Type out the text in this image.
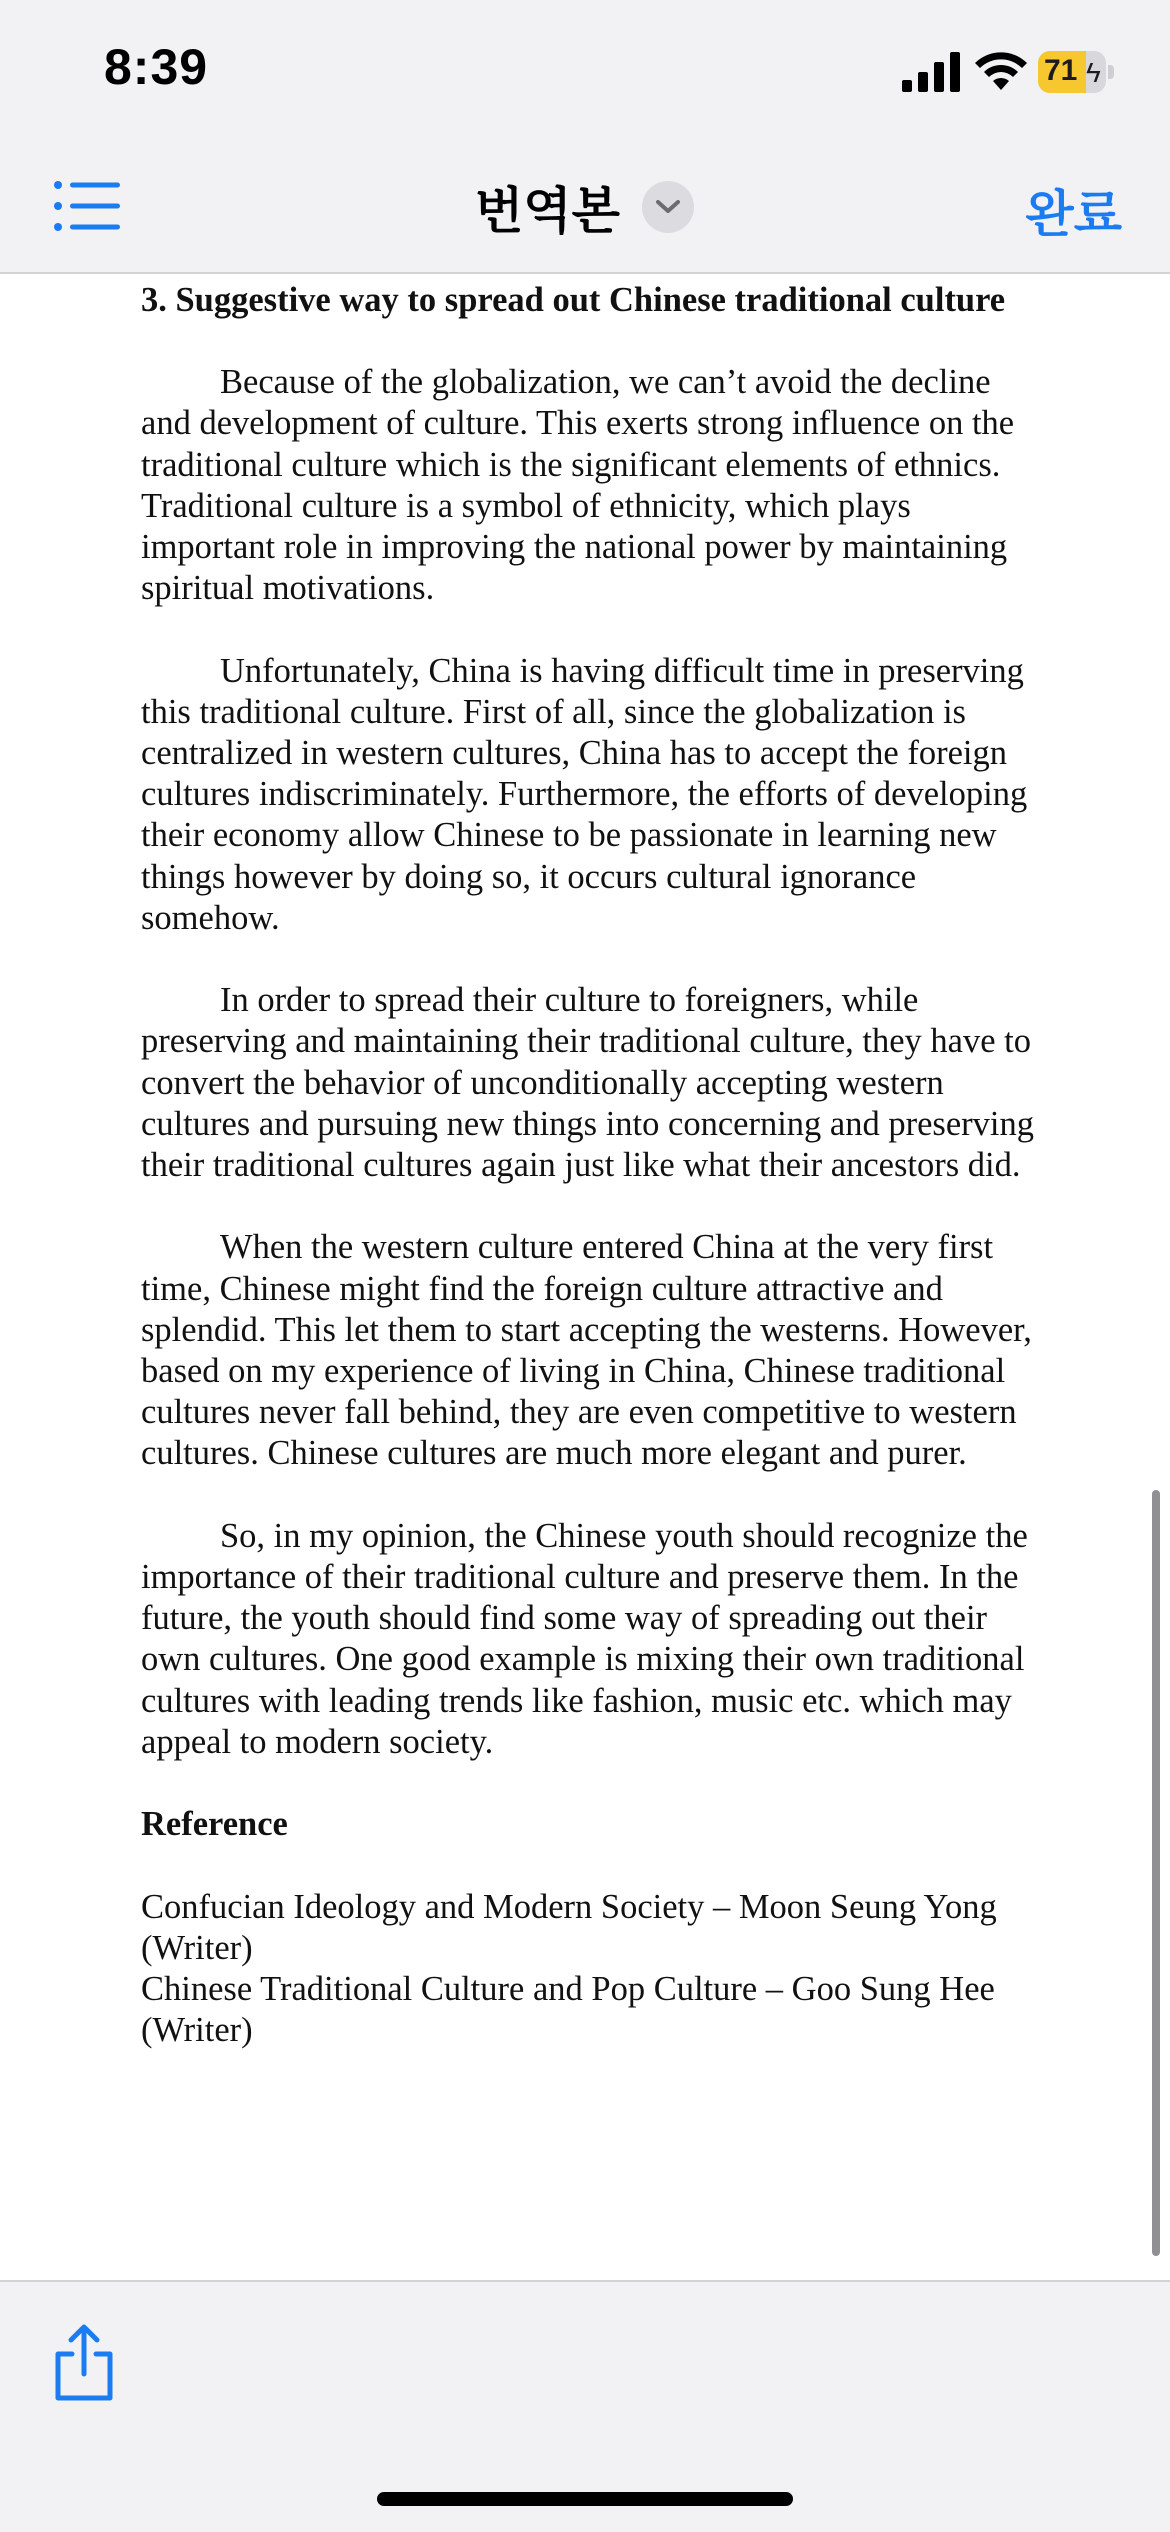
8:39	71 ϟ
번역본	완료

3. Suggestive way to spread out Chinese traditional culture

Because of the globalization, we can’t avoid the decline and development of culture. This exerts strong influence on the traditional culture which is the significant elements of ethnics. Traditional culture is a symbol of ethnicity, which plays important role in improving the national power by maintaining spiritual motivations.

Unfortunately, China is having difficult time in preserving this traditional culture. First of all, since the globalization is centralized in western cultures, China has to accept the foreign cultures indiscriminately. Furthermore, the efforts of developing their economy allow Chinese to be passionate in learning new things however by doing so, it occurs cultural ignorance somehow.

In order to spread their culture to foreigners, while preserving and maintaining their traditional culture, they have to convert the behavior of unconditionally accepting western cultures and pursuing new things into concerning and preserving their traditional cultures again just like what their ancestors did.

When the western culture entered China at the very first time, Chinese might find the foreign culture attractive and splendid. This let them to start accepting the westerns. However, based on my experience of living in China, Chinese traditional cultures never fall behind, they are even competitive to western cultures. Chinese cultures are much more elegant and purer.

So, in my opinion, the Chinese youth should recognize the importance of their traditional culture and preserve them. In the future, the youth should find some way of spreading out their own cultures. One good example is mixing their own traditional cultures with leading trends like fashion, music etc. which may appeal to modern society.

Reference

Confucian Ideology and Modern Society – Moon Seung Yong (Writer)

Chinese Traditional Culture and Pop Culture – Goo Sung Hee (Writer)
